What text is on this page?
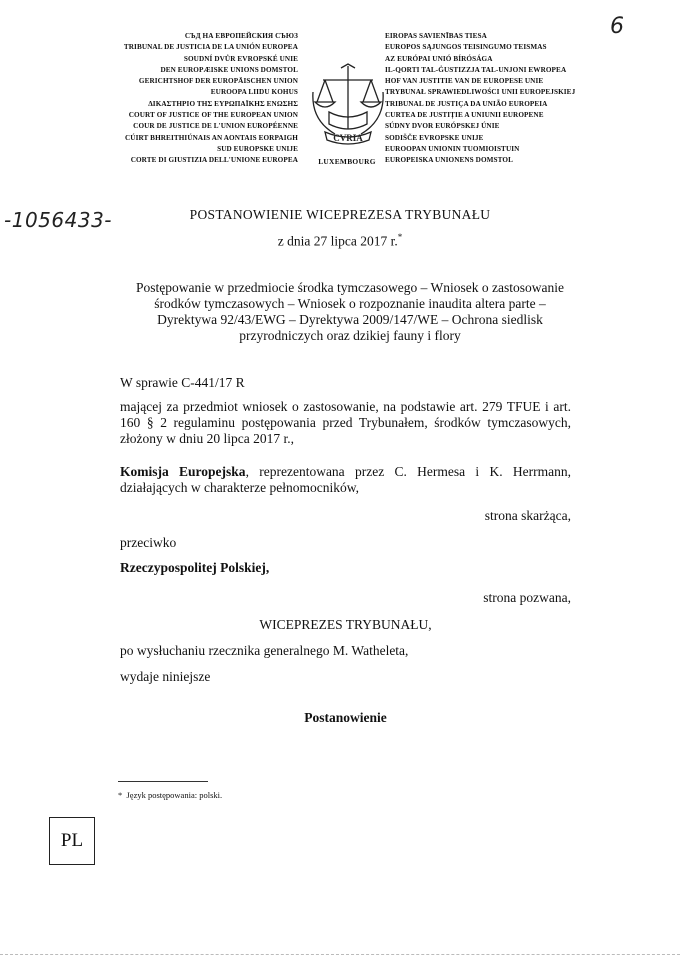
СЪД НА ЕВРОПЕЙСКИЯ СЪЮЗ
TRIBUNAL DE JUSTICIA DE LA UNIÓN EUROPEA
SOUDNÍ DVŮR EVROPSKÉ UNIE
DEN EUROPÆISKE UNIONS DOMSTOL
GERICHTSHOF DER EUROPÄISCHEN UNION
EUROOPA LIIDU KOHUS
ΔΙΚΑΣΤΗΡΙΟ ΤΗΣ ΕΥΡΩΠΑΪΚΗΣ ΕΝΩΣΗΣ
COURT OF JUSTICE OF THE EUROPEAN UNION
COUR DE JUSTICE DE L'UNION EUROPÉENNE
CÚIRT BHREITHIÚNAIS AN AONTAIS EORPAIGH
SUD EUROPSKE UNIJE
CORTE DI GIUSTIZIA DELL'UNIONE EUROPEA
EIROPAS SAVIENĪBAS TIESA
EUROPOS SĄJUNGOS TEISINGUMO TEISMAS
AZ EURÓPAI UNIÓ BÍRÓSÁGA
IL-QORTI TAL-ĠUSTIZZJA TAL-UNJONI EWROPEA
HOF VAN JUSTITIE VAN DE EUROPESE UNIE
TRYBUNAŁ SPRAWIEDLIWOŚCI UNII EUROPEJSKIEJ
TRIBUNAL DE JUSTIÇA DA UNIÃO EUROPEIA
CURTEA DE JUSTIȚIE A UNIUNII EUROPENE
SÚDNY DVOR EURÓPSKEJ ÚNIE
SODIŠČE EVROPSKE UNIJE
EUROOPAN UNIONIN TUOMIOISTUIN
EUROPEISKA UNIONENS DOMSTOL
CVRIA
LUXEMBOURG
6
-1056433-	POSTANOWIENIE WICEPREZESA TRYBUNAŁU
z dnia 27 lipca 2017 r.*
Postępowanie w przedmiocie środka tymczasowego – Wniosek o zastosowanie
środków tymczasowych – Wniosek o rozpoznanie inaudita altera parte –
Dyrektywa 92/43/EWG – Dyrektywa 2009/147/WE – Ochrona siedlisk
przyrodniczych oraz dzikiej fauny i flory
W sprawie C-441/17 R
mającej za przedmiot wniosek o zastosowanie, na podstawie art. 279 TFUE i art. 160 § 2 regulaminu postępowania przed Trybunałem, środków tymczasowych, złożony w dniu 20 lipca 2017 r.,
Komisja Europejska, reprezentowana przez C. Hermesa i K. Herrmann, działających w charakterze pełnomocników,
strona skarżąca,
przeciwko
Rzeczypospolitej Polskiej,
strona pozwana,
WICEPREZES TRYBUNAŁU,
po wysłuchaniu rzecznika generalnego M. Watheleta,
wydaje niniejsze
Postanowienie
* Język postępowania: polski.
PL
